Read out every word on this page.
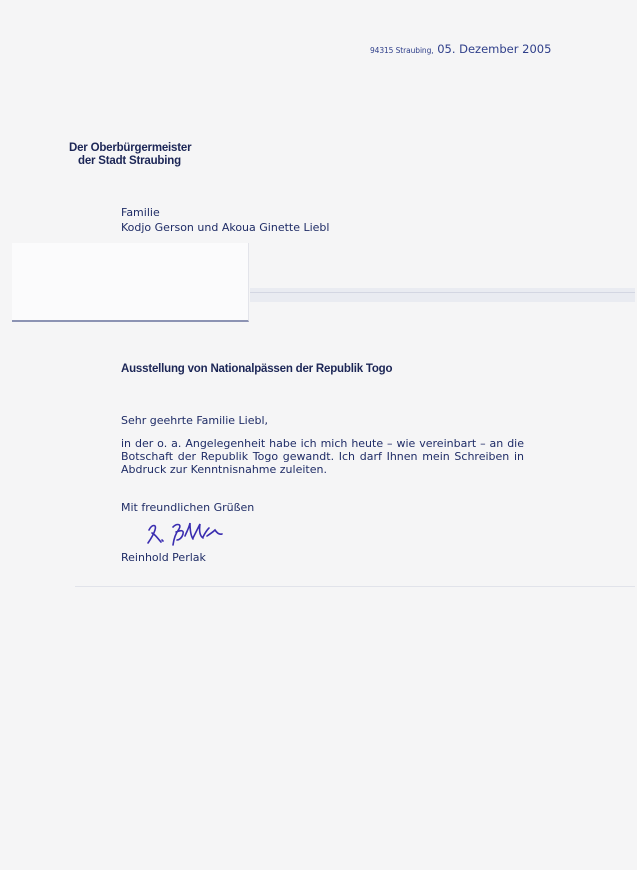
94315 Straubing, 05. Dezember 2005
Der Oberbürgermeister
der Stadt Straubing
Familie
Kodjo Gerson und Akoua Ginette Liebl
Ausstellung von Nationalpässen der Republik Togo
Sehr geehrte Familie Liebl,
in der o. a. Angelegenheit habe ich mich heute – wie vereinbart – an die Botschaft der Republik Togo gewandt. Ich darf Ihnen mein Schreiben in Abdruck zur Kenntnisnahme zuleiten.
Mit freundlichen Grüßen
Reinhold Perlak
